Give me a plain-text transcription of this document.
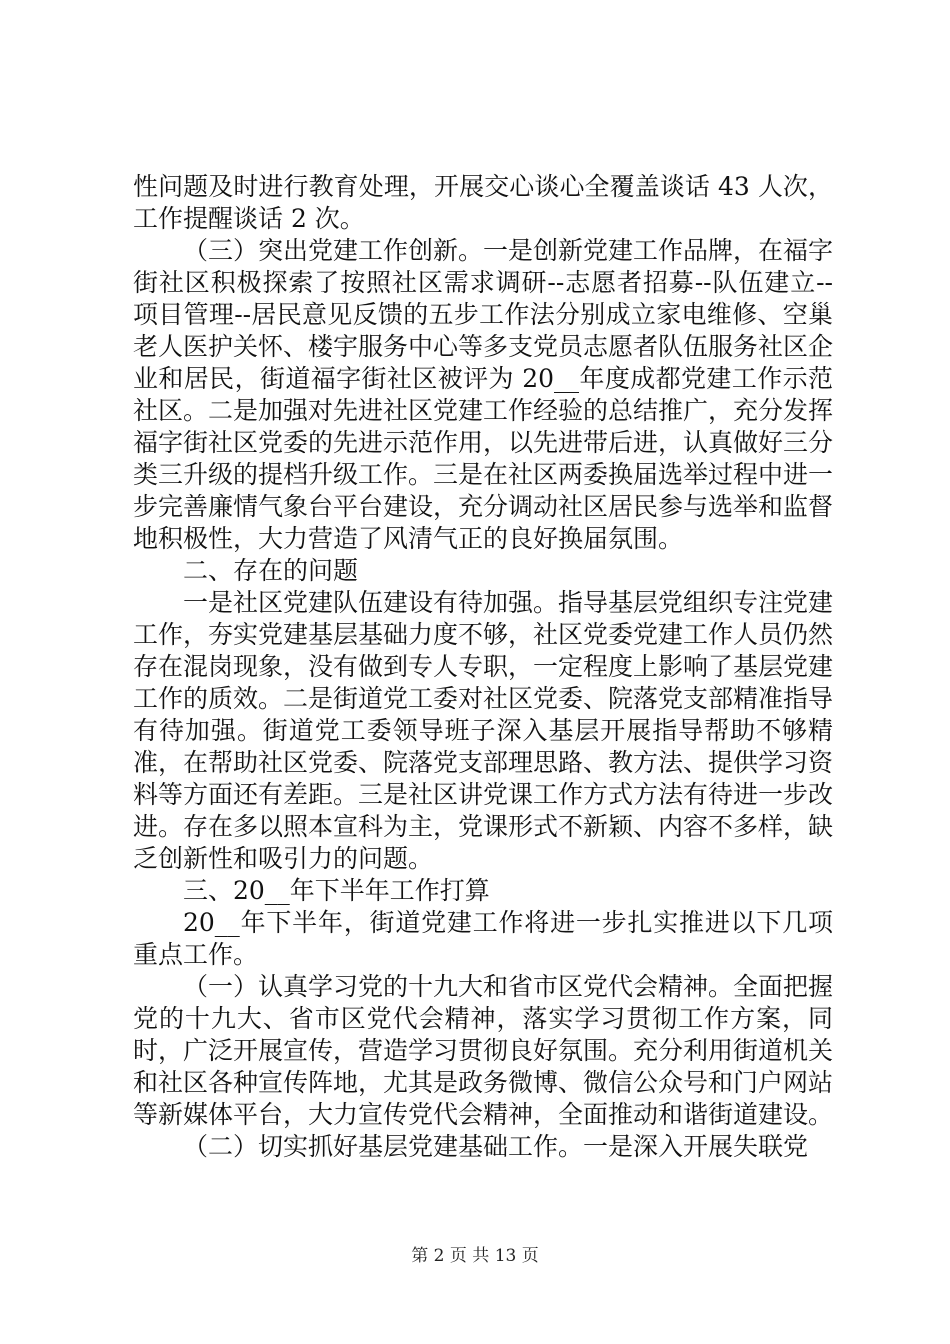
性问题及时进行教育处理，开展交心谈心全覆盖谈话 43 人次，工作提醒谈话 2 次。

（三）突出党建工作创新。一是创新党建工作品牌，在福字街社区积极探索了按照社区需求调研--志愿者招募--队伍建立--项目管理--居民意见反馈的五步工作法分别成立家电维修、空巢老人医护关怀、楼宇服务中心等多支党员志愿者队伍服务社区企业和居民，街道福字街社区被评为 20__年度成都党建工作示范社区。二是加强对先进社区党建工作经验的总结推广，充分发挥福字街社区党委的先进示范作用，以先进带后进，认真做好三分类三升级的提档升级工作。三是在社区两委换届选举过程中进一步完善廉情气象台平台建设，充分调动社区居民参与选举和监督地积极性，大力营造了风清气正的良好换届氛围。

二、存在的问题

一是社区党建队伍建设有待加强。指导基层党组织专注党建工作，夯实党建基层基础力度不够，社区党委党建工作人员仍然存在混岗现象，没有做到专人专职，一定程度上影响了基层党建工作的质效。二是街道党工委对社区党委、院落党支部精准指导有待加强。街道党工委领导班子深入基层开展指导帮助不够精准，在帮助社区党委、院落党支部理思路、教方法、提供学习资料等方面还有差距。三是社区讲党课工作方式方法有待进一步改进。存在多以照本宣科为主，党课形式不新颖、内容不多样，缺乏创新性和吸引力的问题。

三、20__年下半年工作打算

20__年下半年，街道党建工作将进一步扎实推进以下几项重点工作。

（一）认真学习党的十九大和省市区党代会精神。全面把握党的十九大、省市区党代会精神，落实学习贯彻工作方案，同时，广泛开展宣传，营造学习贯彻良好氛围。充分利用街道机关和社区各种宣传阵地，尤其是政务微博、微信公众号和门户网站等新媒体平台，大力宣传党代会精神，全面推动和谐街道建设。

（二）切实抓好基层党建基础工作。一是深入开展失联党

第 2 页 共 13 页
